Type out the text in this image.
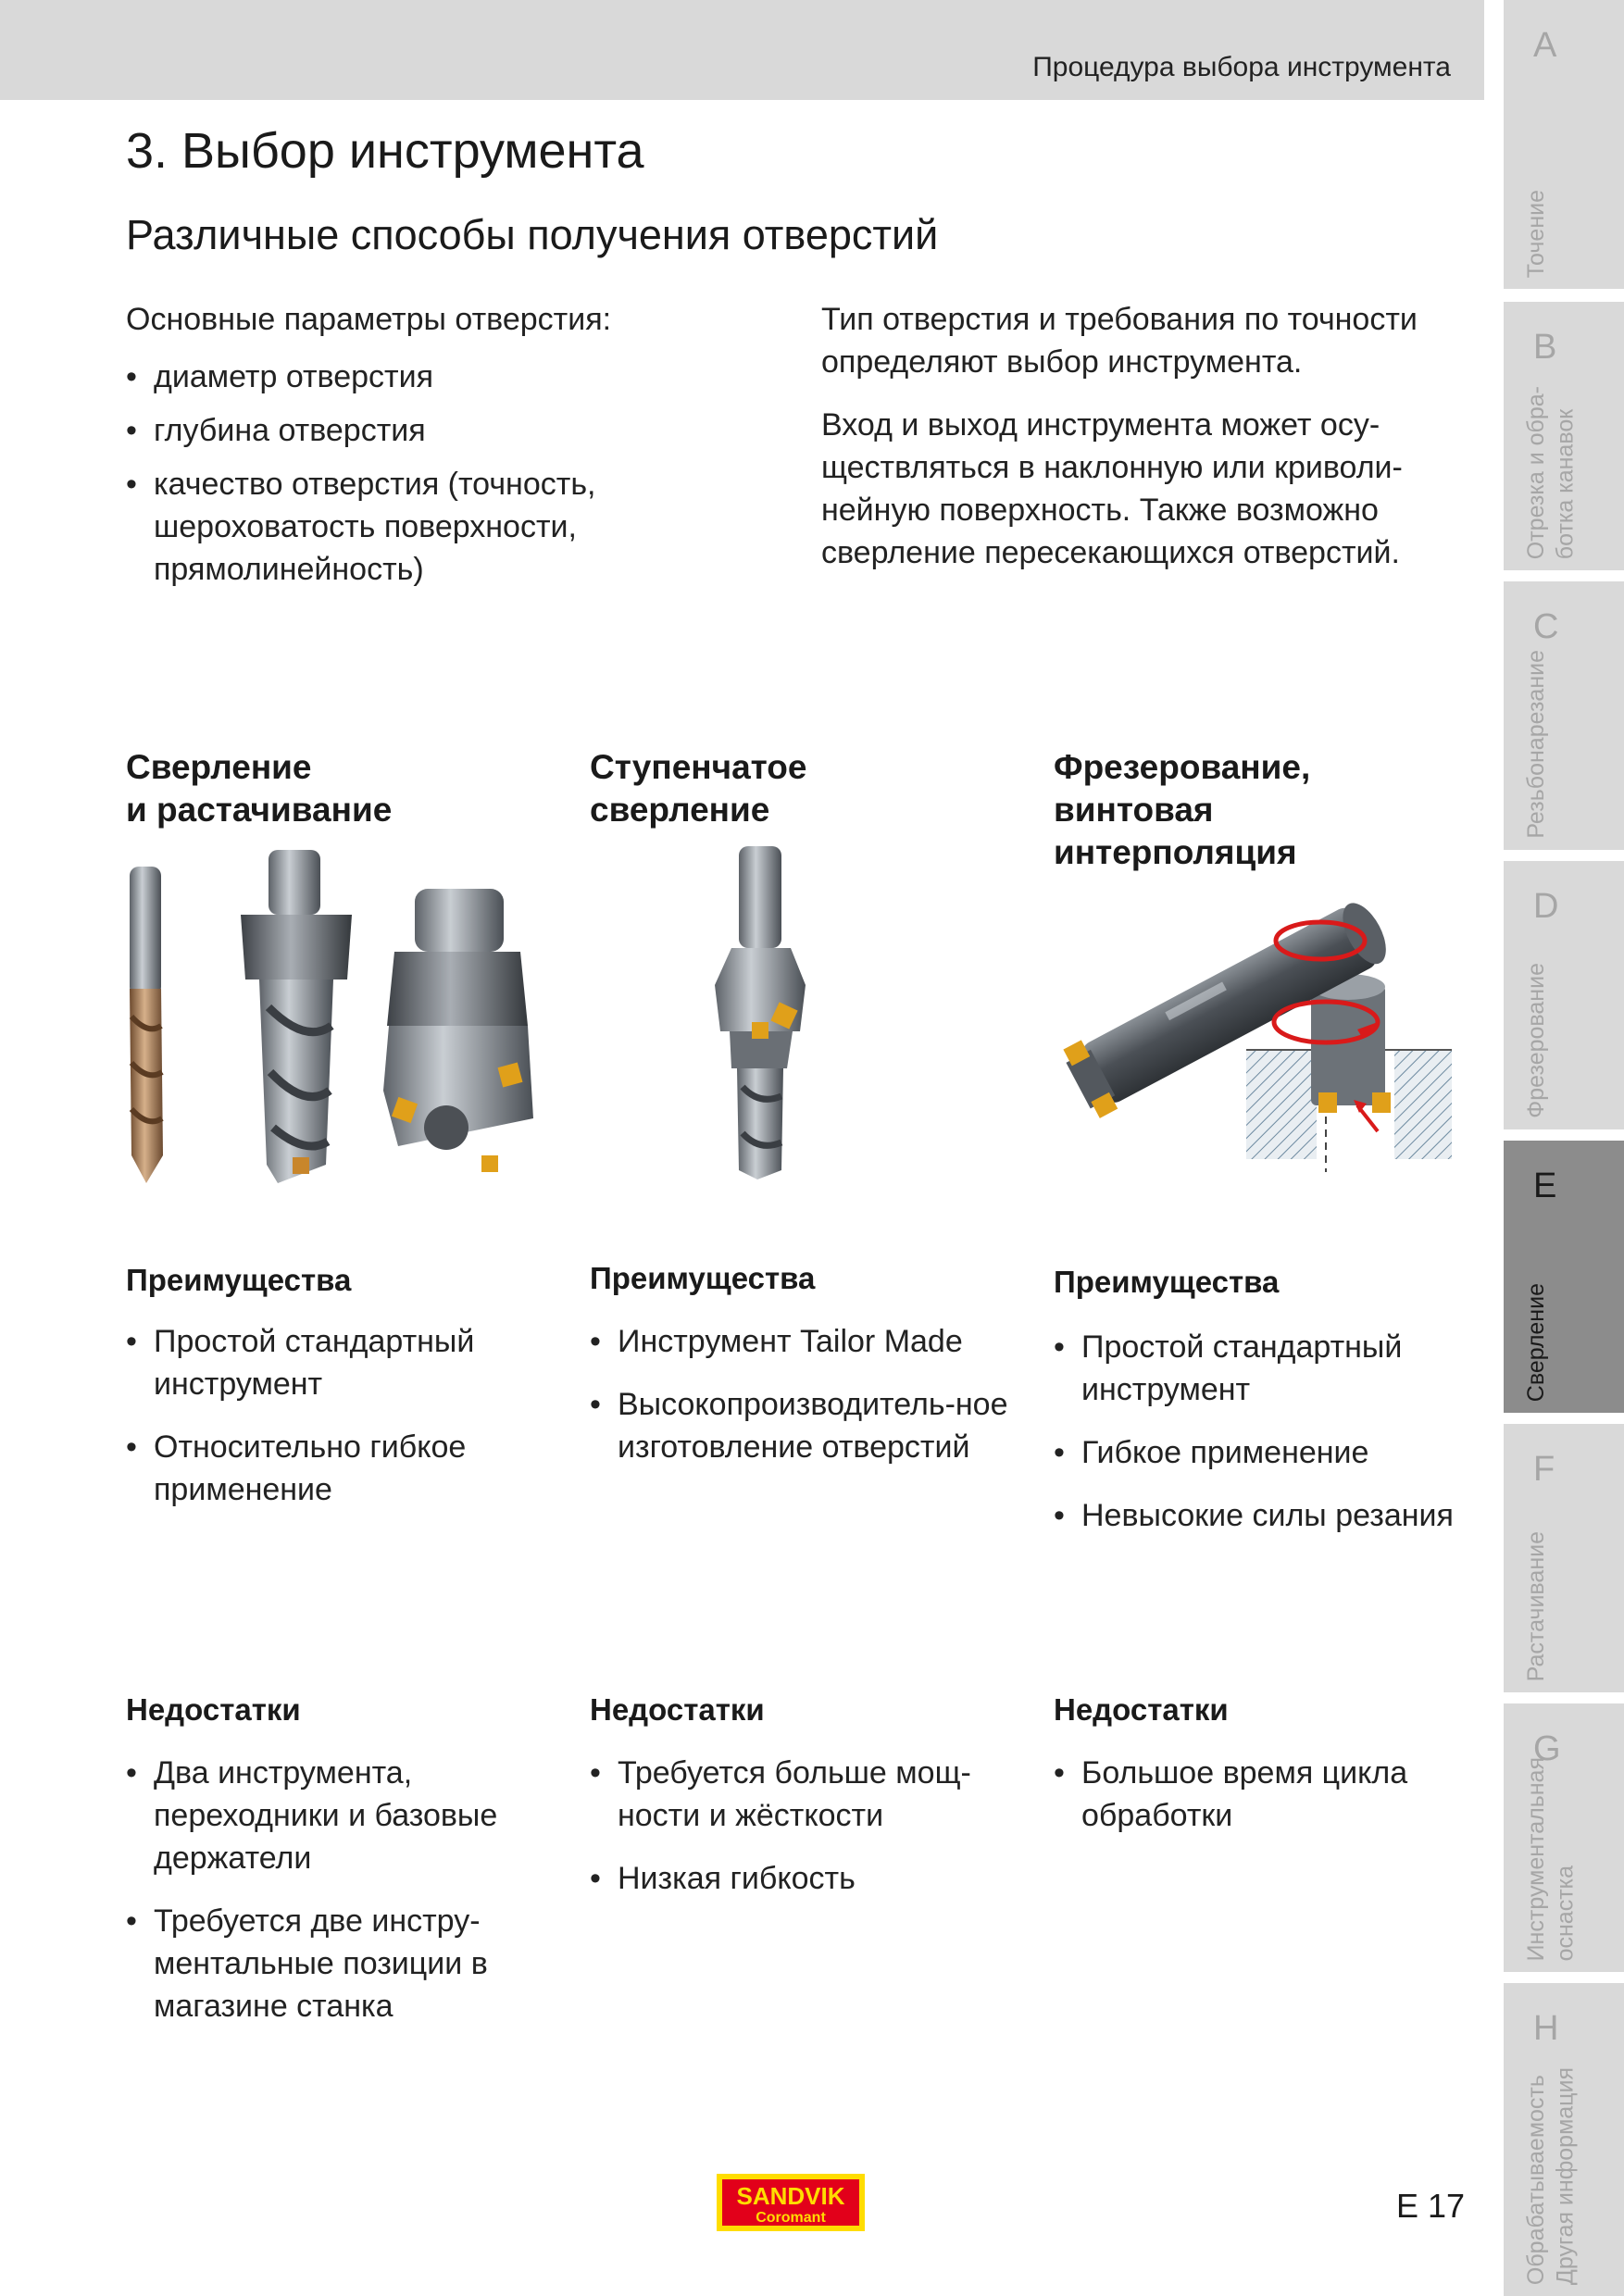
Процедура выбора инструмента
A
Точение
B
Отрезка и обра-
ботка канавок
C
Резьбонарезание
D
Фрезерование
E
Сверление
F
Растачивание
G
Инструментальная
оснастка
H
Обрабатываемость
Другая информация
3. Выбор инструмента
Различные способы получения отверстий
Основные параметры отверстия:
• диаметр отверстия
• глубина отверстия
• качество отверстия (точность, шероховатость поверхности, прямолинейность)

Тип отверстия и требования по точности определяют выбор инструмента.

Вход и выход инструмента может осу-ществляться в наклонную или криволи-нейную поверхность. Также возможно сверление пересекающихся отверстий.

Сверление
и растачивание
Преимущества
• Простой стандартный инструмент
• Относительно гибкое применение
Недостатки
• Два инструмента, переходники и базовые держатели
• Требуется две инстру-ментальные позиции в магазине станка
Ступенчатое
сверление
Преимущества
• Инструмент Tailor Made
• Высокопроизводитель-ное изготовление отверстий
Недостатки
• Требуется больше мощ-ности и жёсткости
• Низкая гибкость
Фрезерование,
винтовая
интерполяция
Преимущества
• Простой стандартный инструмент
• Гибкое применение
• Невысокие силы резания
Недостатки
• Большое время цикла обработки
SANDVIK
Coromant	E 17
